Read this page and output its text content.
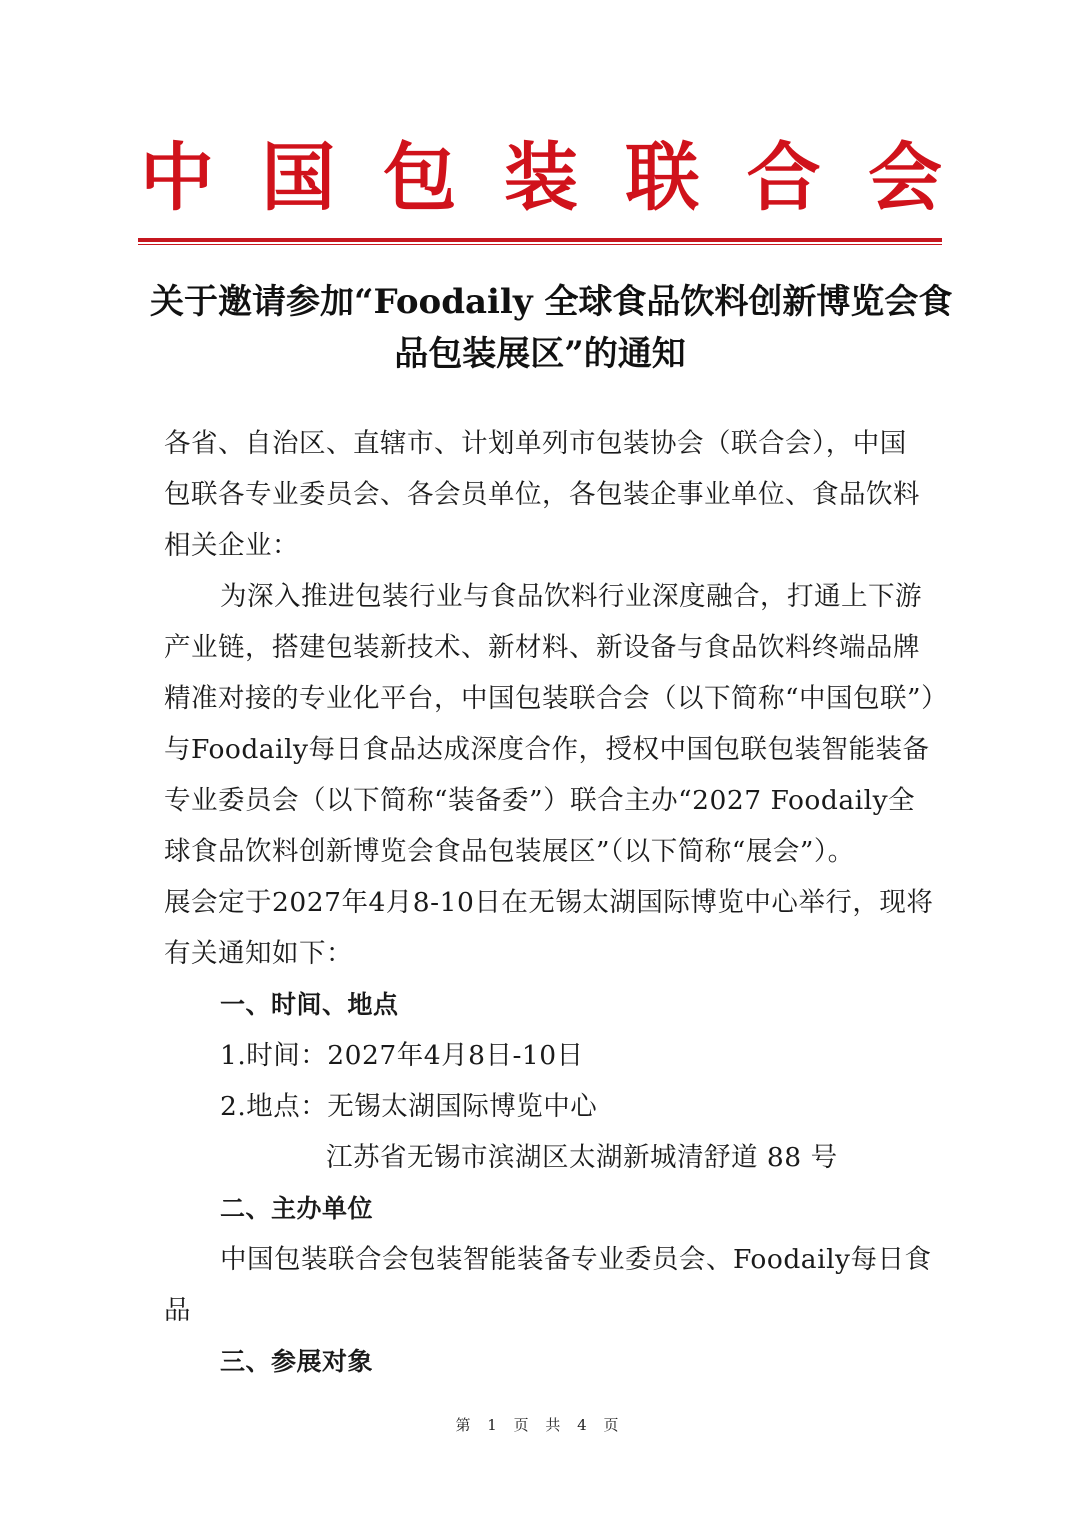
中 国 包 装 联 合 会
关于邀请参加“Foodaily 全球食品饮料创新博览会食
品包装展区”的通知

各省、自治区、直辖市、计划单列市包装协会（联合会），中国
包联各专业委员会、各会员单位，各包装企事业单位、食品饮料
相关企业：

为深入推进包装行业与食品饮料行业深度融合，打通上下游
产业链，搭建包装新技术、新材料、新设备与食品饮料终端品牌
精准对接的专业化平台，中国包装联合会（以下简称“中国包联”）
与Foodaily每日食品达成深度合作，授权中国包联包装智能装备
专业委员会（以下简称“装备委”）联合主办“2027 Foodaily全
球食品饮料创新博览会食品包装展区”（以下简称“展会”）。
展会定于2027年4月8-10日在无锡太湖国际博览中心举行，现将
有关通知如下：

一、时间、地点

1.时间：2027年4月8日-10日

2.地点：无锡太湖国际博览中心

江苏省无锡市滨湖区太湖新城清舒道 88 号

二、主办单位

中国包装联合会包装智能装备专业委员会、Foodaily每日食

品

三、参展对象

第 1 页 共 4 页
